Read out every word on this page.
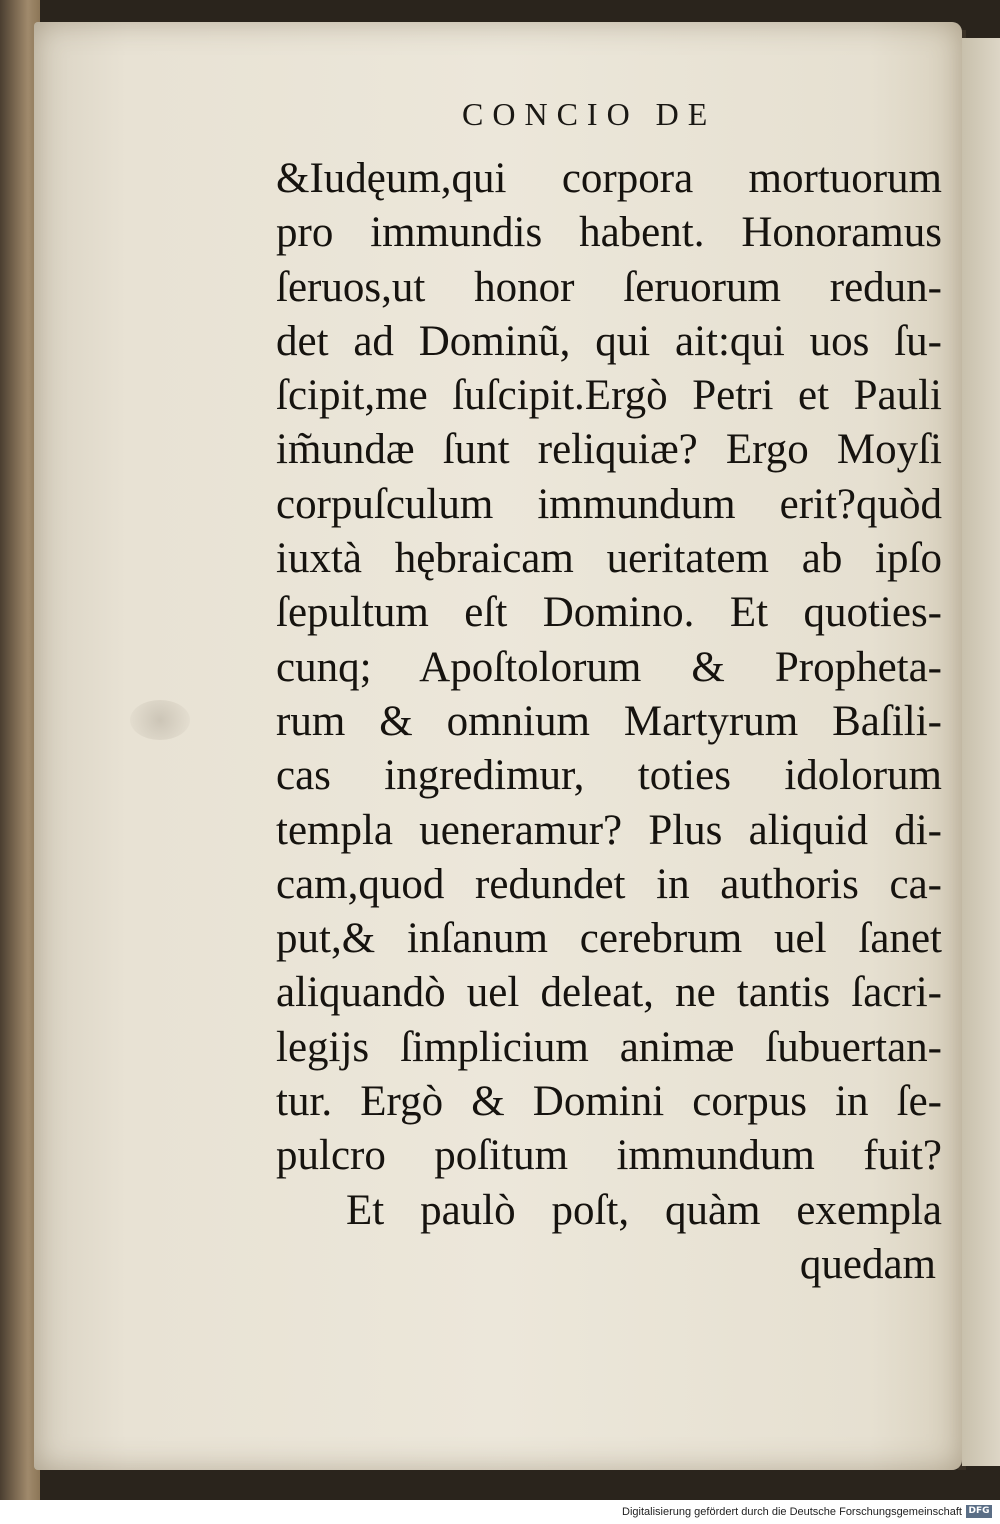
CONCIO DE
&Iudęum,qui corpora mortuorum
pro immundis habent. Honoramus
ſeruos,ut honor ſeruorum redun-
det ad Dominũ, qui ait:qui uos ſu-
ſcipit,me ſuſcipit.Ergò Petri et Pauli
im̃undæ ſunt reliquiæ? Ergo Moyſi
corpuſculum immundum erit?quòd
iuxtà hębraicam ueritatem ab ipſo
ſepultum eſt Domino. Et quoties-
cunq; Apoſtolorum & Propheta-
rum & omnium Martyrum Baſili-
cas ingredimur, toties idolorum
templa ueneramur? Plus aliquid di-
cam,quod redundet in authoris ca-
put,& inſanum cerebrum uel ſanet
aliquandò uel deleat, ne tantis ſacri-
legijs ſimplicium animæ ſubuertan-
tur. Ergò & Domini corpus in ſe-
pulcro poſitum immundum fuit?
Et paulò poſt, quàm exempla
quedam
Digitalisierung gefördert durch die Deutsche Forschungsgemeinschaft DFG
